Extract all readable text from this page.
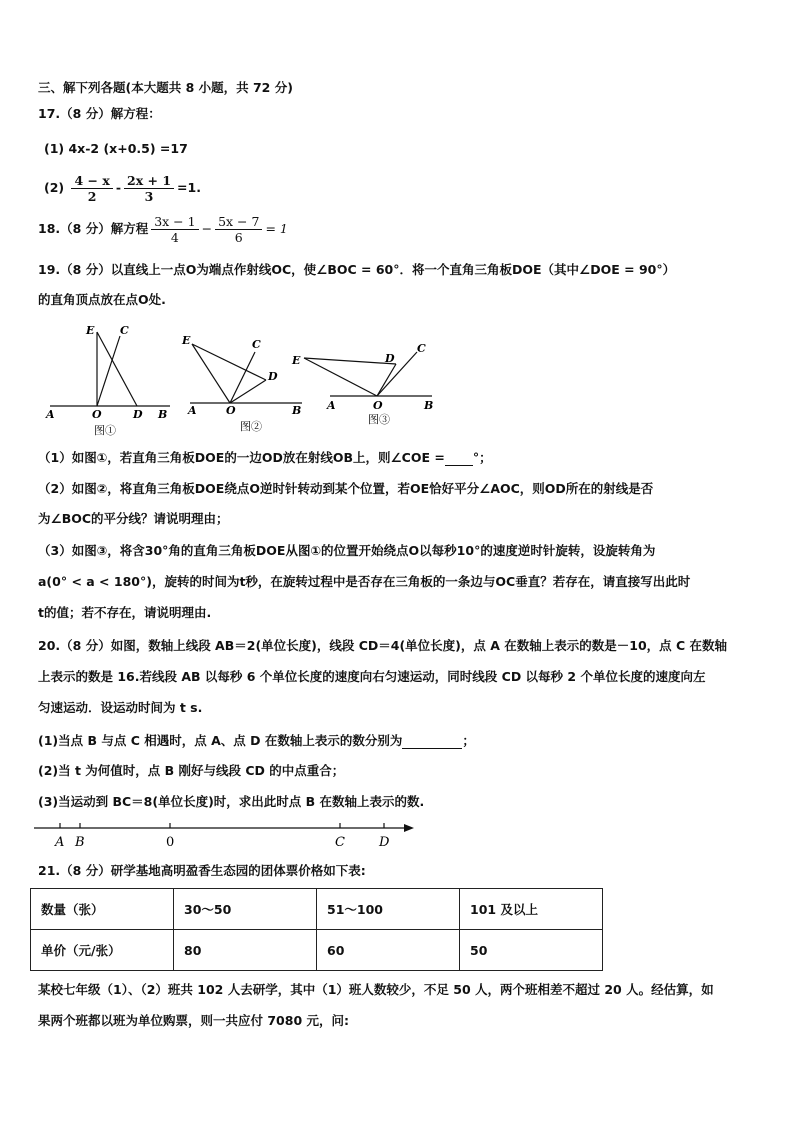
三、解下列各题(本大题共 8 小题，共 72 分)
17.（8 分）解方程：
(1) 4x-2 (x+0.5) =17
$(2) \frac{4 - x}{2} - \frac{2x + 1}{3} =1$.
18.（8 分）解方程 $\frac{3x - 1}{4} - \frac{5x - 7}{6} = 1$
19.（8 分）以直线上一点O为端点作射线OC，使∠BOC = 60°．将一个直角三角板DOE（其中∠DOE = 90°）
的直角顶点放在点O处.
E C
A	O	D B
图①
E	C
D
A	O	B
图②
E	D
C
A	O	B
图③
（1）如图①，若直角三角板DOE的一边OD放在射线OB上，则∠COE = °；
（2）如图②，将直角三角板DOE绕点O逆时针转动到某个位置，若OE恰好平分∠AOC，则OD所在的射线是否
为∠BOC的平分线？请说明理由；
（3）如图③，将含30°角的直角三角板DOE从图①的位置开始绕点O以每秒10°的速度逆时针旋转，设旋转角为
a(0° < a < 180°)，旋转的时间为t秒，在旋转过程中是否存在三角板的一条边与OC垂直？若存在，请直接写出此时
t的值；若不存在，请说明理由.
20.（8 分）如图，数轴上线段 AB＝2(单位长度)，线段 CD＝4(单位长度)，点 A 在数轴上表示的数是－10，点 C 在数轴
上表示的数是 16.若线段 AB 以每秒 6 个单位长度的速度向右匀速运动，同时线段 CD 以每秒 2 个单位长度的速度向左
匀速运动．设运动时间为 t s.
(1)当点 B 与点 C 相遇时，点 A、点 D 在数轴上表示的数分别为	；
(2)当 t 为何值时，点 B 刚好与线段 CD 的中点重合；
(3)当运动到 BC＝8(单位长度)时，求出此时点 B 在数轴上表示的数.
A B	0	C	D
21.（8 分）研学基地高明盈香生态园的团体票价格如下表:
数量（张）	30～50	51～100	101 及以上
单价（元/张）	80	60	50
某校七年级（1）、（2）班共 102 人去研学，其中（1）班人数较少，不足 50 人，两个班相差不超过 20 人。经估算，如
果两个班都以班为单位购票，则一共应付 7080 元，问:
